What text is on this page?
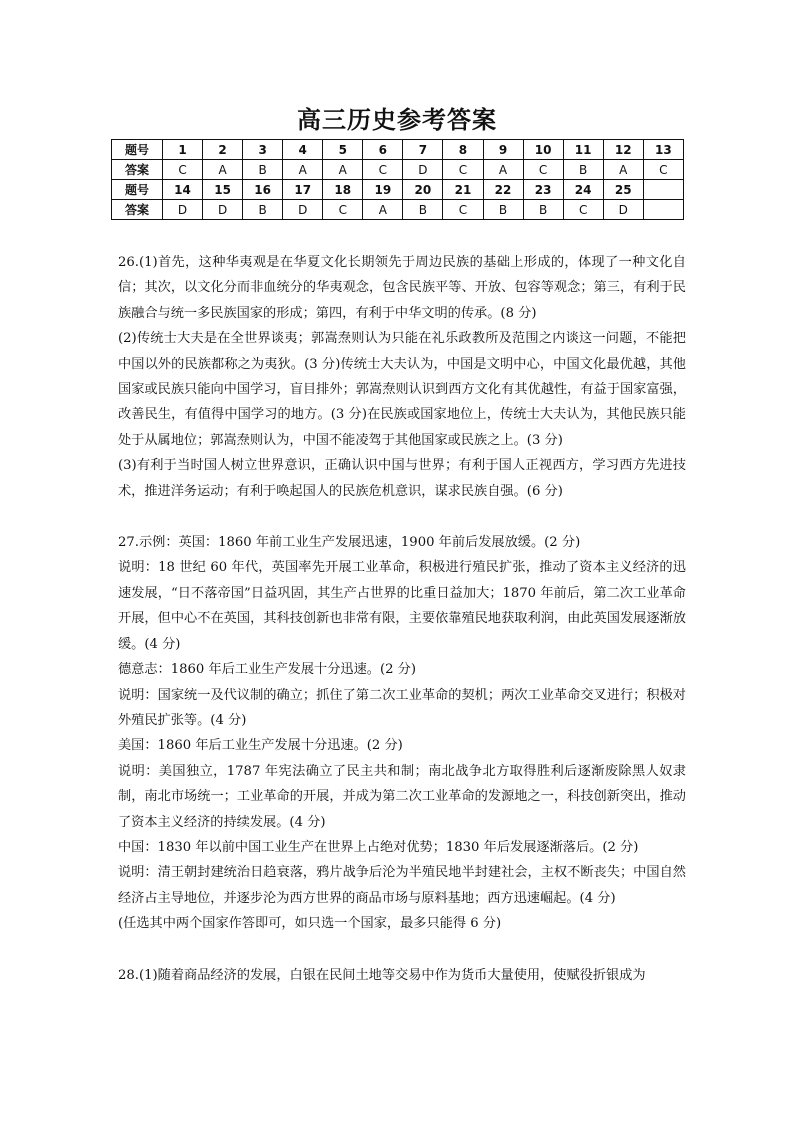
高三历史参考答案
题号	1	2	3	4	5	6	7	8	9	10	11	12	13
答案	C	A	B	A	A	C	D	C	A	C	B	A	C
题号	14	15	16	17	18	19	20	21	22	23	24	25	
答案	D	D	B	D	C	A	B	C	B	B	C	D	

26.(1)首先，这种华夷观是在华夏文化长期领先于周边民族的基础上形成的，体现了一种文化自信；其次，以文化分而非血统分的华夷观念，包含民族平等、开放、包容等观念；第三，有利于民族融合与统一多民族国家的形成；第四，有利于中华文明的传承。(8 分)

(2)传统士大夫是在全世界谈夷；郭嵩焘则认为只能在礼乐政教所及范围之内谈这一问题，不能把中国以外的民族都称之为夷狄。(3 分)传统士大夫认为，中国是文明中心，中国文化最优越，其他国家或民族只能向中国学习，盲目排外；郭嵩焘则认识到西方文化有其优越性，有益于国家富强，改善民生，有值得中国学习的地方。(3 分)在民族或国家地位上，传统士大夫认为，其他民族只能处于从属地位；郭嵩焘则认为，中国不能凌驾于其他国家或民族之上。(3 分)

(3)有利于当时国人树立世界意识，正确认识中国与世界；有利于国人正视西方，学习西方先进技术，推进洋务运动；有利于唤起国人的民族危机意识，谋求民族自强。(6 分)

27.示例：英国：1860 年前工业生产发展迅速，1900 年前后发展放缓。(2 分)

说明：18 世纪 60 年代，英国率先开展工业革命，积极进行殖民扩张，推动了资本主义经济的迅速发展，“日不落帝国”日益巩固，其生产占世界的比重日益加大；1870 年前后，第二次工业革命开展，但中心不在英国，其科技创新也非常有限，主要依靠殖民地获取利润，由此英国发展逐渐放缓。(4 分)

德意志：1860 年后工业生产发展十分迅速。(2 分)

说明：国家统一及代议制的确立；抓住了第二次工业革命的契机；两次工业革命交叉进行；积极对外殖民扩张等。(4 分)

美国：1860 年后工业生产发展十分迅速。(2 分)

说明：美国独立，1787 年宪法确立了民主共和制；南北战争北方取得胜利后逐渐废除黑人奴隶制，南北市场统一；工业革命的开展，并成为第二次工业革命的发源地之一，科技创新突出，推动了资本主义经济的持续发展。(4 分)

中国：1830 年以前中国工业生产在世界上占绝对优势；1830 年后发展逐渐落后。(2 分)

说明：清王朝封建统治日趋衰落，鸦片战争后沦为半殖民地半封建社会，主权不断丧失；中国自然经济占主导地位，并逐步沦为西方世界的商品市场与原料基地；西方迅速崛起。(4 分)

(任选其中两个国家作答即可，如只选一个国家，最多只能得 6 分)

28.(1)随着商品经济的发展，白银在民间土地等交易中作为货币大量使用，使赋役折银成为
